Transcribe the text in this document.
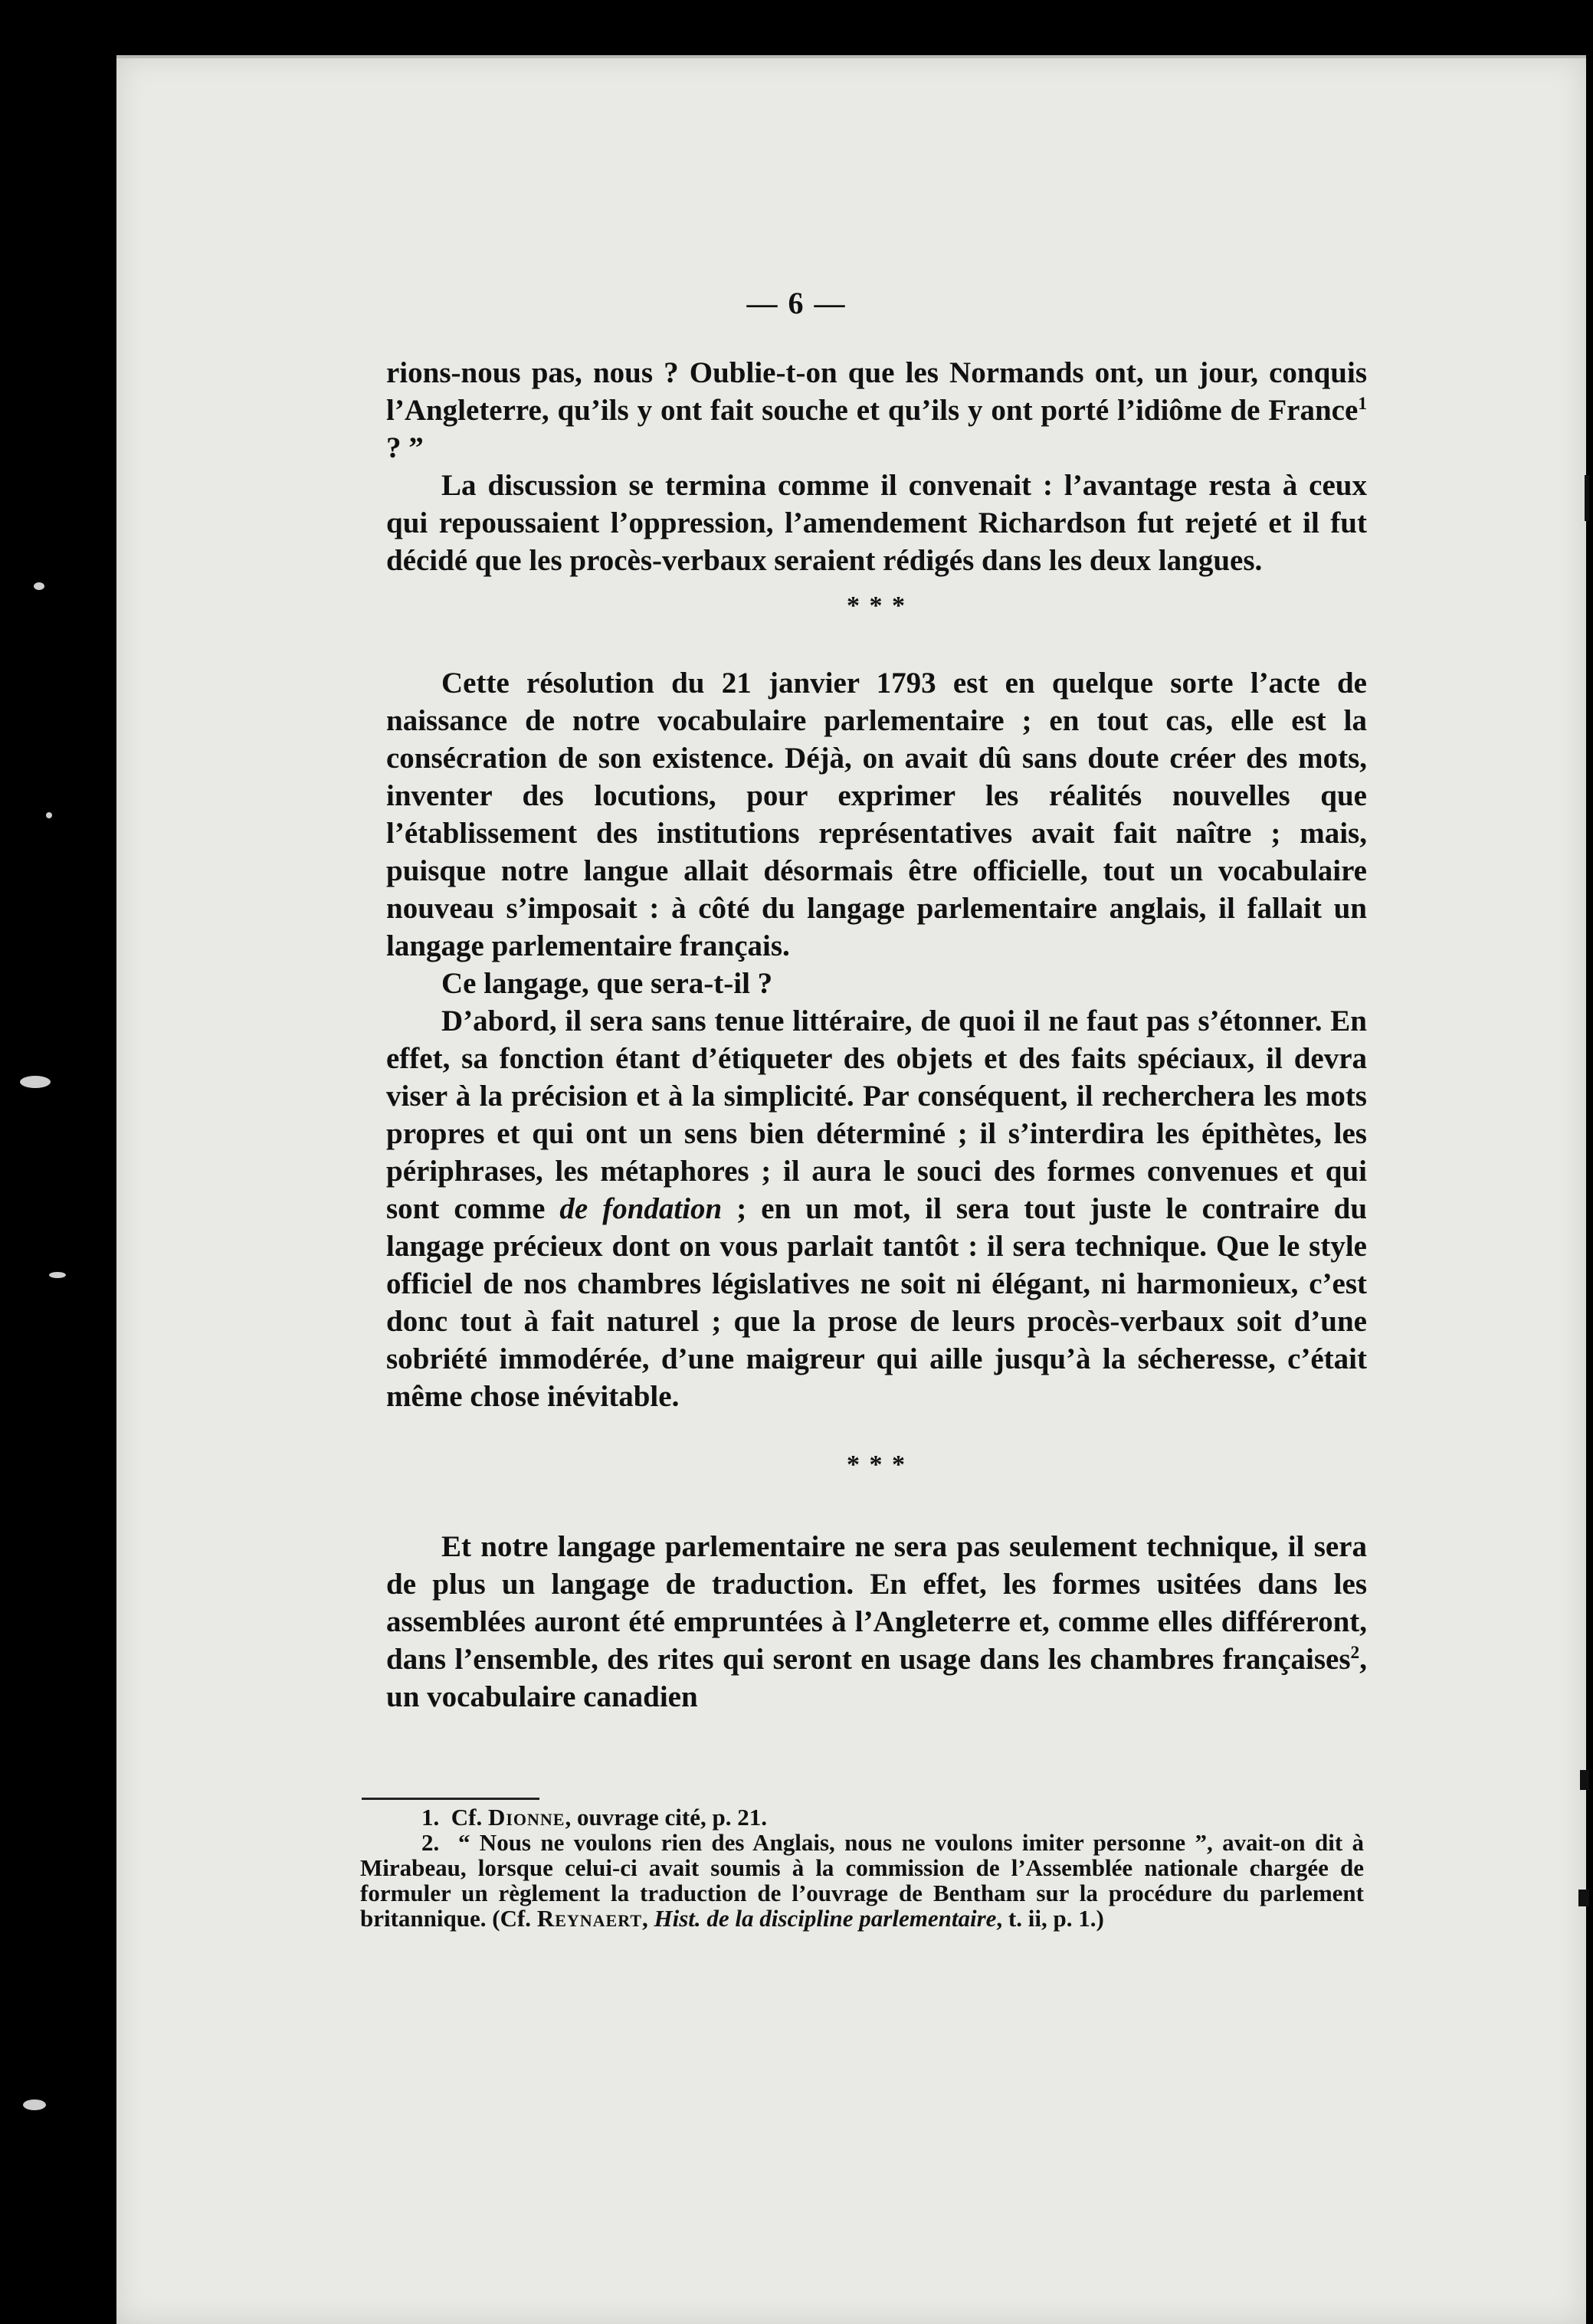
— 6 —

rions-nous pas, nous ? Oublie-t-on que les Normands ont, un jour, conquis l’Angleterre, qu’ils y ont fait souche et qu’ils y ont porté l’idiôme de France$^1$ ? ”

La discussion se termina comme il convenait : l’avantage resta à ceux qui repoussaient l’oppression, l’amendement Richardson fut rejeté et il fut décidé que les procès-verbaux seraient rédigés dans les deux langues.

* * *

Cette résolution du 21 janvier 1793 est en quelque sorte l’acte de naissance de notre vocabulaire parlementaire ; en tout cas, elle est la consécration de son existence. Déjà, on avait dû sans doute créer des mots, inventer des locutions, pour exprimer les réalités nouvelles que l’établissement des institutions représentatives avait fait naître ; mais, puisque notre langue allait désormais être officielle, tout un vocabulaire nouveau s’imposait : à côté du langage parlementaire anglais, il fallait un langage parlementaire français.

Ce langage, que sera-t-il ?

D’abord, il sera sans tenue littéraire, de quoi il ne faut pas s’étonner. En effet, sa fonction étant d’étiqueter des objets et des faits spéciaux, il devra viser à la précision et à la simplicité. Par conséquent, il recherchera les mots propres et qui ont un sens bien déterminé ; il s’interdira les épithètes, les périphrases, les métaphores ; il aura le souci des formes convenues et qui sont comme de fondation ; en un mot, il sera tout juste le contraire du langage précieux dont on vous parlait tantôt : il sera technique. Que le style officiel de nos chambres législatives ne soit ni élégant, ni harmonieux, c’est donc tout à fait naturel ; que la prose de leurs procès-verbaux soit d’une sobriété immodérée, d’une maigreur qui aille jusqu’à la sécheresse, c’était même chose inévitable.

* * *

Et notre langage parlementaire ne sera pas seulement technique, il sera de plus un langage de traduction. En effet, les formes usitées dans les assemblées auront été empruntées à l’Angleterre et, comme elles différeront, dans l’ensemble, des rites qui seront en usage dans les chambres françaises$^2$, un vocabulaire canadien

1. Cf. Dionne, ouvrage cité, p. 21.

2. “ Nous ne voulons rien des Anglais, nous ne voulons imiter personne ”, avait-on dit à Mirabeau, lorsque celui-ci avait soumis à la commission de l’Assemblée nationale chargée de formuler un règlement la traduction de l’ouvrage de Bentham sur la procédure du parlement britannique. (Cf. Reynaert, Hist. de la discipline parlementaire, t. ii, p. 1.)
